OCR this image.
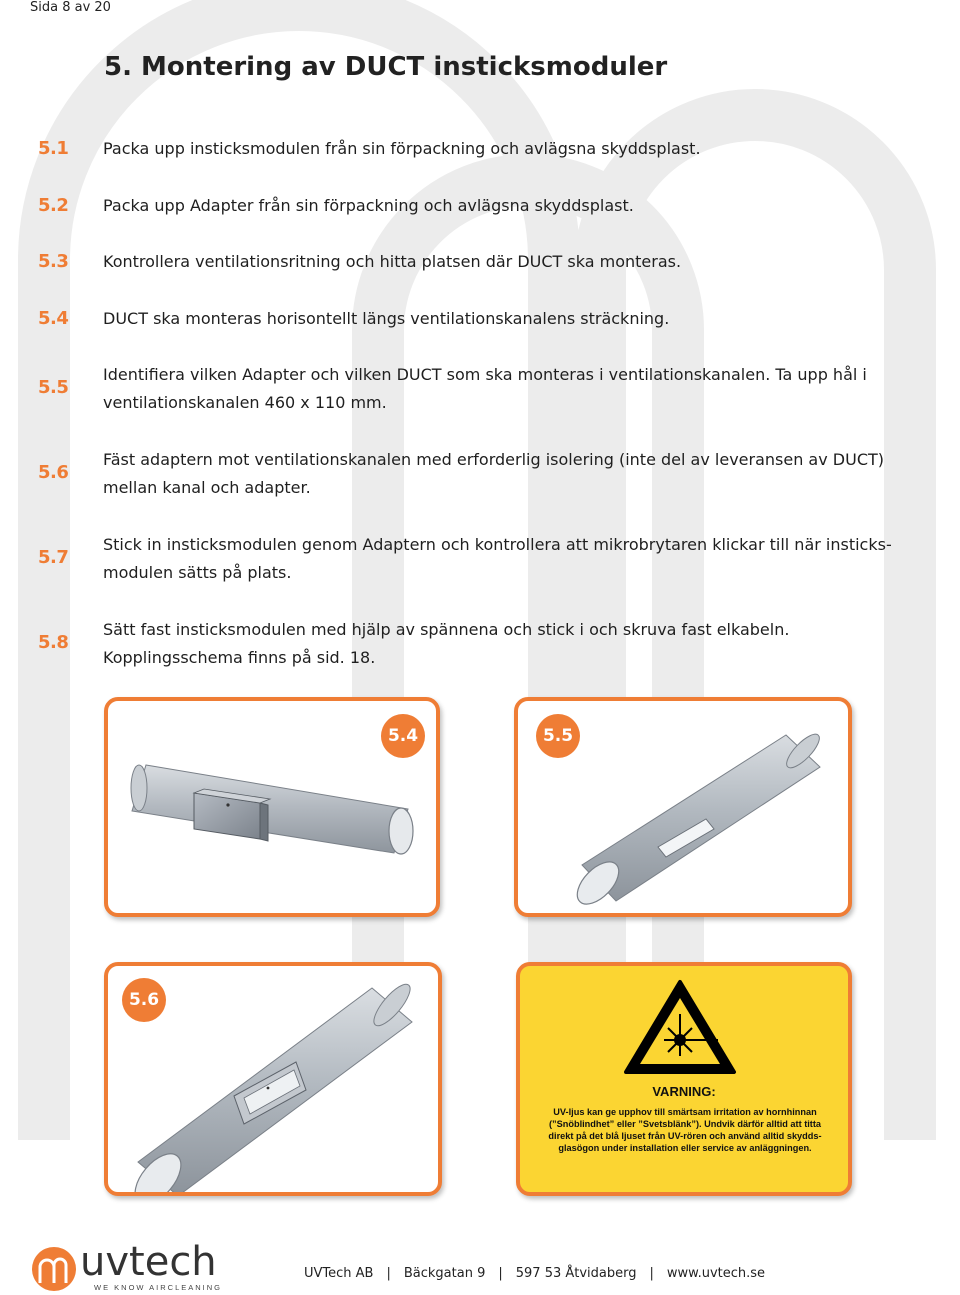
Sida 8 av 20
5. Montering av DUCT insticksmoduler
5.1	Packa upp insticksmodulen från sin förpackning och avlägsna skyddsplast.
5.2	Packa upp Adapter från sin förpackning och avlägsna skyddsplast.
5.3	Kontrollera ventilationsritning och hitta platsen där DUCT ska monteras.
5.4	DUCT ska monteras horisontellt längs ventilationskanalens sträckning.
5.5
Identifiera vilken Adapter och vilken DUCT som ska monteras i ventilationskanalen. Ta upp hål i
ventilationskanalen 460 x 110 mm.
5.6
Fäst adaptern mot ventilationskanalen med erforderlig isolering (inte del av leveransen av DUCT)
mellan kanal och adapter.
5.7
Stick in insticksmodulen genom Adaptern och kontrollera att mikrobrytaren klickar till när insticks-
modulen sätts på plats.
5.8
Sätt fast insticksmodulen med hjälp av spännena och stick i och skruva fast elkabeln.
Kopplingsschema finns på sid. 18.
5.4	5.5
5.6
VARNING:
UV-ljus kan ge upphov till smärtsam irritation av hornhinnan
(”Snöblindhet” eller ”Svetsblänk”). Undvik därför alltid att titta
direkt på det blå ljuset från UV-rören och använd alltid skydds-
glasögon under installation eller service av anläggningen.
uvtech
WE KNOW AIRCLEANING
UVTech AB | Bäckgatan 9 | 597 53 Åtvidaberg | www.uvtech.se
